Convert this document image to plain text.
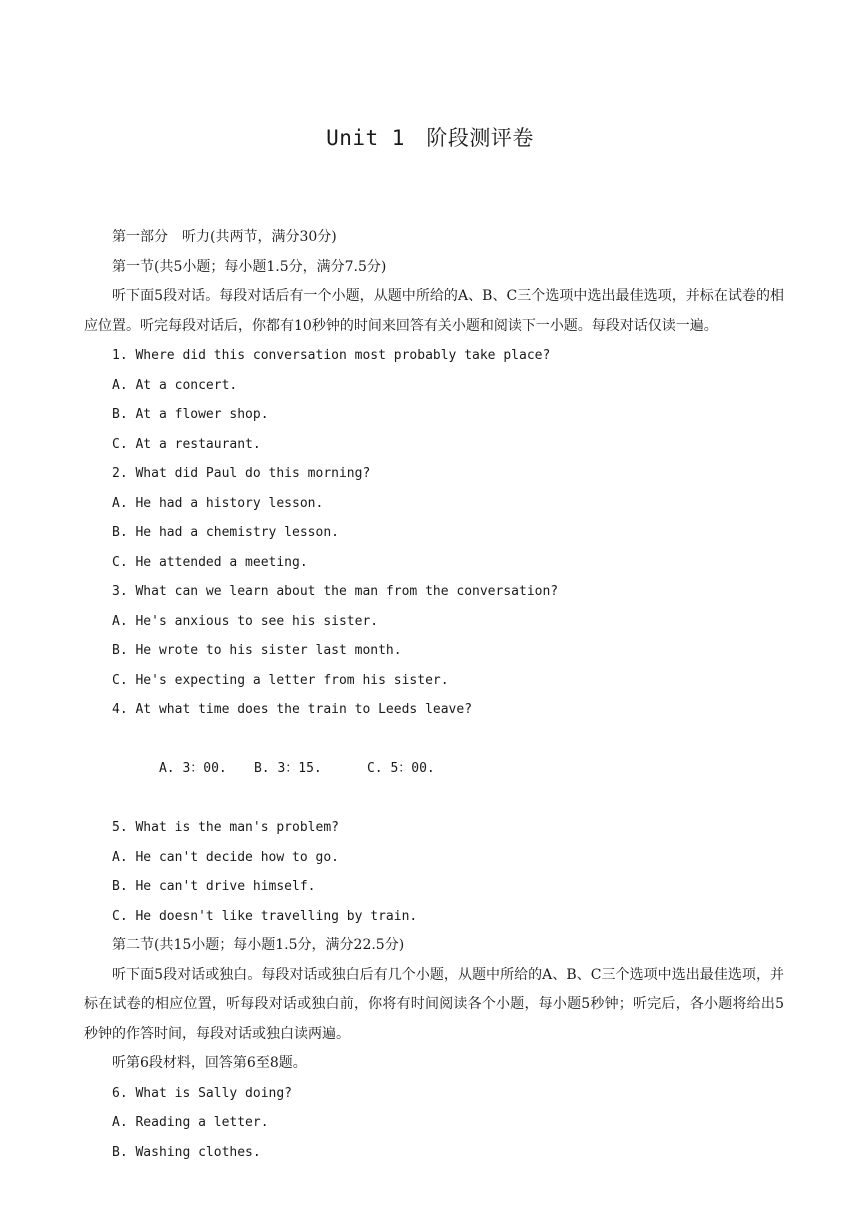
Unit 1　阶段测评卷
第一部分　听力(共两节，满分30分)
第一节(共5小题；每小题1.5分，满分7.5分)

听下面5段对话。每段对话后有一个小题，从题中所给的A、B、C三个选项中选出最佳选项，并标在试卷的相应位置。听完每段对话后，你都有10秒钟的时间来回答有关小题和阅读下一小题。每段对话仅读一遍。

1. Where did this conversation most probably take place?
A. At a concert.
B. At a flower shop.
C. At a restaurant.
2. What did Paul do this morning?
A. He had a history lesson.
B. He had a chemistry lesson.
C. He attended a meeting.
3. What can we learn about the man from the conversation?
A. He's anxious to see his sister.
B. He wrote to his sister last month.
C. He's expecting a letter from his sister.
4. At what time does the train to Leeds leave?

A. 3：00. B. 3：15.	C. 5：00.

5. What is the man's problem?
A. He can't decide how to go.
B. He can't drive himself.
C. He doesn't like travelling by train.
第二节(共15小题；每小题1.5分，满分22.5分)

听下面5段对话或独白。每段对话或独白后有几个小题，从题中所给的A、B、C三个选项中选出最佳选项，并标在试卷的相应位置，听每段对话或独白前，你将有时间阅读各个小题，每小题5秒钟；听完后，各小题将给出5秒钟的作答时间，每段对话或独白读两遍。

听第6段材料，回答第6至8题。
6. What is Sally doing?
A. Reading a letter.
B. Washing clothes.
